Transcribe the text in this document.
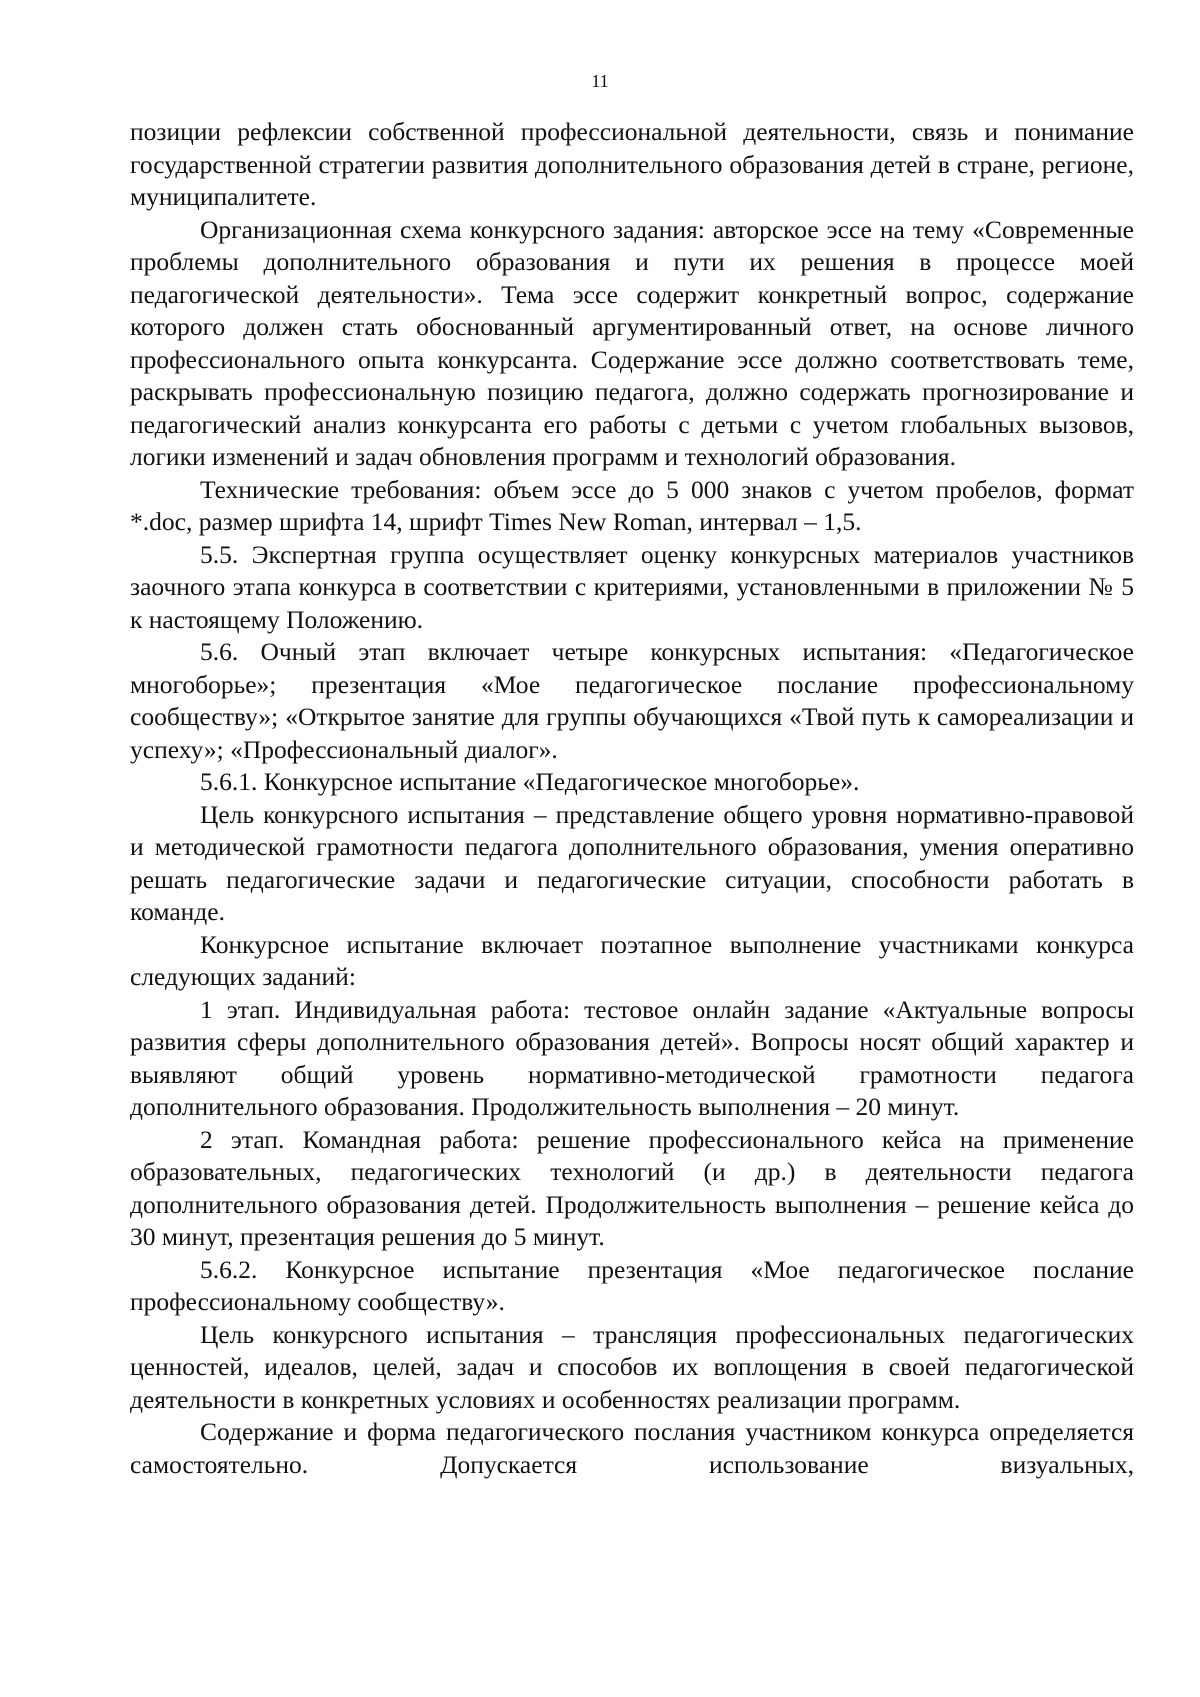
11

позиции рефлексии собственной профессиональной деятельности, связь и понимание государственной стратегии развития дополнительного образования детей в стране, регионе, муниципалитете.

Организационная схема конкурсного задания: авторское эссе на тему «Современные проблемы дополнительного образования и пути их решения в процессе моей педагогической деятельности». Тема эссе содержит конкретный вопрос, содержание которого должен стать обоснованный аргументированный ответ, на основе личного профессионального опыта конкурсанта. Содержание эссе должно соответствовать теме, раскрывать профессиональную позицию педагога, должно содержать прогнозирование и педагогический анализ конкурсанта его работы с детьми с учетом глобальных вызовов, логики изменений и задач обновления программ и технологий образования.

Технические требования: объем эссе до 5 000 знаков с учетом пробелов, формат *.doc, размер шрифта 14, шрифт Times New Roman, интервал – 1,5.

5.5. Экспертная группа осуществляет оценку конкурсных материалов участников заочного этапа конкурса в соответствии с критериями, установленными в приложении № 5 к настоящему Положению.

5.6. Очный этап включает четыре конкурсных испытания: «Педагогическое многоборье»; презентация «Мое педагогическое послание профессиональному сообществу»; «Открытое занятие для группы обучающихся «Твой путь к самореализации и успеху»; «Профессиональный диалог».

5.6.1. Конкурсное испытание «Педагогическое многоборье».

Цель конкурсного испытания – представление общего уровня нормативно-правовой и методической грамотности педагога дополнительного образования, умения оперативно решать педагогические задачи и педагогические ситуации, способности работать в команде.

Конкурсное испытание включает поэтапное выполнение участниками конкурса следующих заданий:

1 этап. Индивидуальная работа: тестовое онлайн задание «Актуальные вопросы развития сферы дополнительного образования детей». Вопросы носят общий характер и выявляют общий уровень нормативно-методической грамотности педагога дополнительного образования. Продолжительность выполнения – 20 минут.

2 этап. Командная работа: решение профессионального кейса на применение образовательных, педагогических технологий (и др.) в деятельности педагога дополнительного образования детей. Продолжительность выполнения – решение кейса до 30 минут, презентация решения до 5 минут.

5.6.2. Конкурсное испытание презентация «Мое педагогическое послание профессиональному сообществу».

Цель конкурсного испытания – трансляция профессиональных педагогических ценностей, идеалов, целей, задач и способов их воплощения в своей педагогической деятельности в конкретных условиях и особенностях реализации программ.

Содержание и форма педагогического послания участником конкурса определяется самостоятельно. Допускается использование визуальных,
